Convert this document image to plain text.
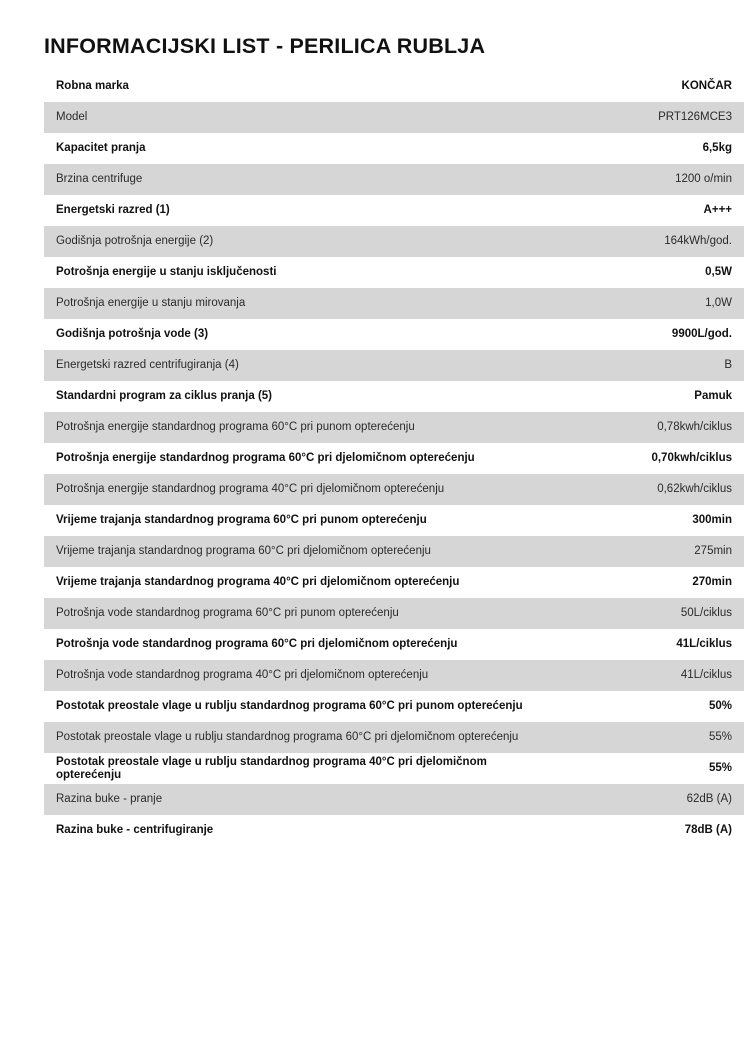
INFORMACIJSKI LIST - PERILICA RUBLJA
Robna marka	KONČAR
Model	PRT126MCE3
Kapacitet pranja	6,5kg
Brzina centrifuge	1200 o/min
Energetski razred (1)	A+++
Godišnja potrošnja energije (2)	164kWh/god.
Potrošnja energije u stanju isključenosti	0,5W
Potrošnja energije u stanju mirovanja	1,0W
Godišnja potrošnja vode (3)	9900L/god.
Energetski razred centrifugiranja (4)	B
Standardni program za ciklus pranja (5)	Pamuk
Potrošnja energije standardnog programa 60°C pri punom opterećenju	0,78kwh/ciklus
Potrošnja energije standardnog programa 60°C pri djelomičnom opterećenju	0,70kwh/ciklus
Potrošnja energije standardnog programa 40°C pri djelomičnom opterećenju	0,62kwh/ciklus
Vrijeme trajanja standardnog programa 60°C pri punom opterećenju	300min
Vrijeme trajanja standardnog programa 60°C pri djelomičnom opterećenju	275min
Vrijeme trajanja standardnog programa 40°C pri djelomičnom opterećenju	270min
Potrošnja vode standardnog programa 60°C pri punom opterećenju	50L/ciklus
Potrošnja vode standardnog programa 60°C pri djelomičnom opterećenju	41L/ciklus
Potrošnja vode standardnog programa 40°C pri djelomičnom opterećenju	41L/ciklus
Postotak preostale vlage u rublju standardnog programa 60°C pri punom opterećenju	50%
Postotak preostale vlage u rublju standardnog programa 60°C pri djelomičnom opterećenju	55%
Postotak preostale vlage u rublju standardnog programa 40°C pri djelomičnom opterećenju	55%
Razina buke - pranje	62dB (A)
Razina buke - centrifugiranje	78dB (A)
